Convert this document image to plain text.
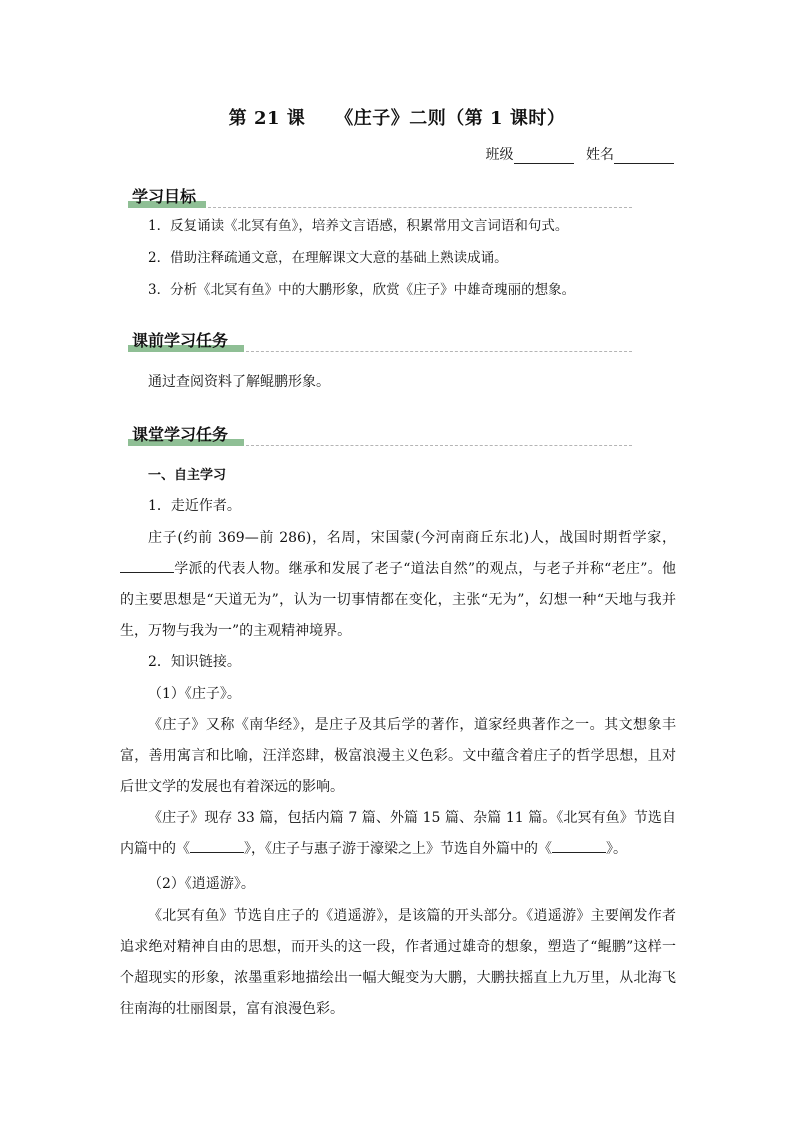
第 21 课 《庄子》二则（第 1 课时）
班级	姓名
学习目标
1．反复诵读《北冥有鱼》，培养文言语感，积累常用文言词语和句式。
2．借助注释疏通文意，在理解课文大意的基础上熟读成诵。
3．分析《北冥有鱼》中的大鹏形象，欣赏《庄子》中雄奇瑰丽的想象。
课前学习任务
通过查阅资料了解鲲鹏形象。
课堂学习任务
一、自主学习
1．走近作者。

庄子(约前 369—前 286)，名周，宋国蒙(今河南商丘东北)人，战国时期哲学家，学派的代表人物。继承和发展了老子“道法自然”的观点，与老子并称“老庄”。他的主要思想是“天道无为”，认为一切事情都在变化，主张“无为”，幻想一种“天地与我并生，万物与我为一”的主观精神境界。

2．知识链接。
（1）《庄子》。

《庄子》又称《南华经》，是庄子及其后学的著作，道家经典著作之一。其文想象丰富，善用寓言和比喻，汪洋恣肆，极富浪漫主义色彩。文中蕴含着庄子的哲学思想，且对后世文学的发展也有着深远的影响。

《庄子》现存 33 篇，包括内篇 7 篇、外篇 15 篇、杂篇 11 篇。《北冥有鱼》节选自内篇中的《	》，《庄子与惠子游于濠梁之上》节选自外篇中的《	》。

（2）《逍遥游》。

《北冥有鱼》节选自庄子的《逍遥游》，是该篇的开头部分。《逍遥游》主要阐发作者追求绝对精神自由的思想，而开头的这一段，作者通过雄奇的想象，塑造了“鲲鹏”这样一个超现实的形象，浓墨重彩地描绘出一幅大鲲变为大鹏，大鹏扶摇直上九万里，从北海飞往南海的壮丽图景，富有浪漫色彩。
